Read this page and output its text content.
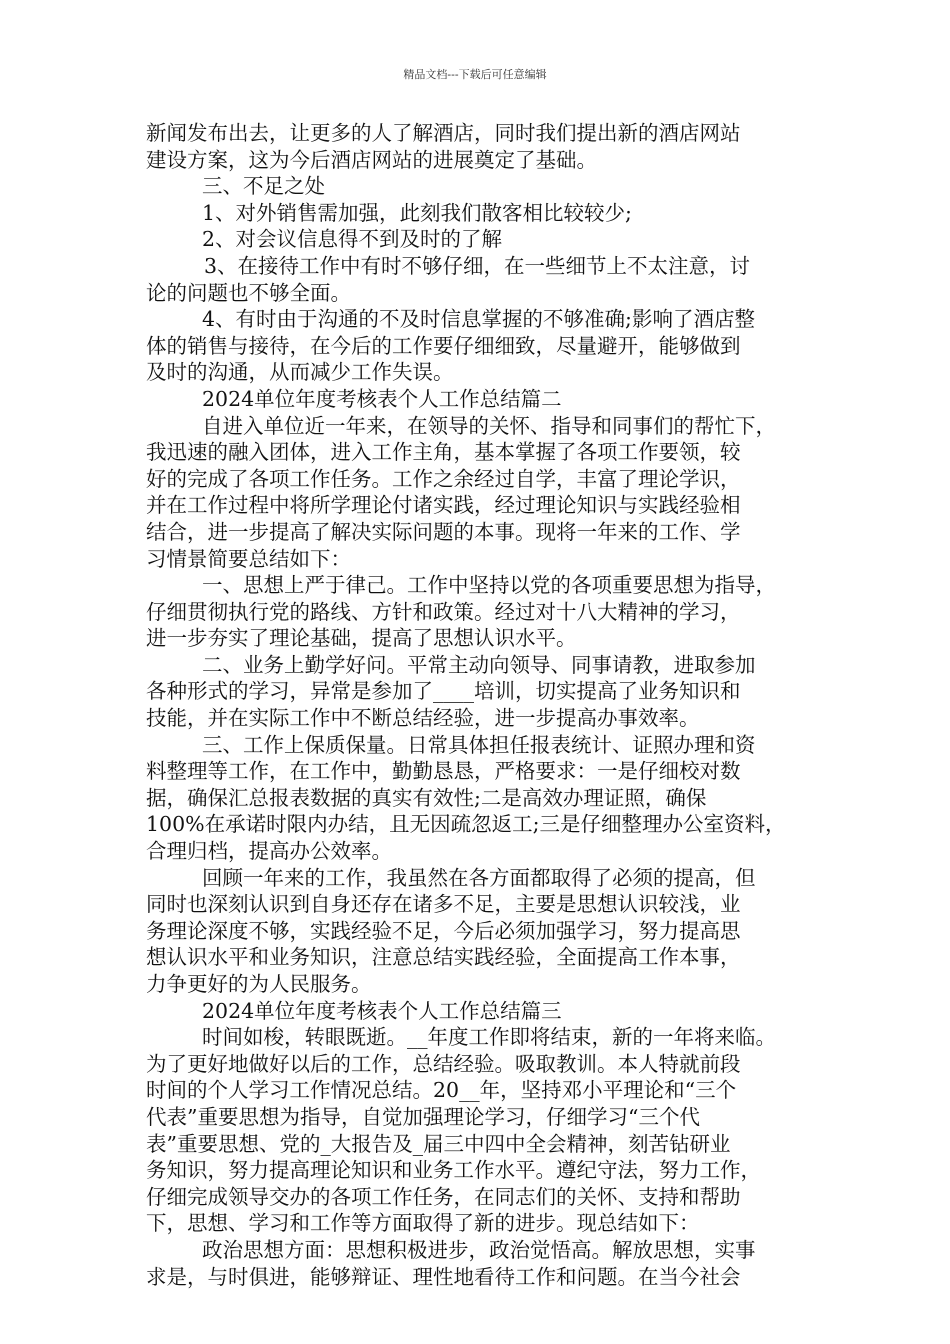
精品文档---下载后可任意编辑

新闻发布出去，让更多的人了解酒店，同时我们提出新的酒店网站

建设方案，这为今后酒店网站的进展奠定了基础。

三、不足之处

1、对外销售需加强，此刻我们散客相比较较少;

2、对会议信息得不到及时的了解

3、在接待工作中有时不够仔细，在一些细节上不太注意，讨

论的问题也不够全面。

4、有时由于沟通的不及时信息掌握的不够准确;影响了酒店整

体的销售与接待，在今后的工作要仔细细致，尽量避开，能够做到

及时的沟通，从而减少工作失误。

2024单位年度考核表个人工作总结篇二

自进入单位近一年来，在领导的关怀、指导和同事们的帮忙下，

我迅速的融入团体，进入工作主角，基本掌握了各项工作要领，较

好的完成了各项工作任务。工作之余经过自学，丰富了理论学识，

并在工作过程中将所学理论付诸实践，经过理论知识与实践经验相

结合，进一步提高了解决实际问题的本事。现将一年来的工作、学

习情景简要总结如下：

一、思想上严于律己。工作中坚持以党的各项重要思想为指导，

仔细贯彻执行党的路线、方针和政策。经过对十八大精神的学习，

进一步夯实了理论基础，提高了思想认识水平。

二、业务上勤学好问。平常主动向领导、同事请教，进取参加

各种形式的学习，异常是参加了____培训，切实提高了业务知识和

技能，并在实际工作中不断总结经验，进一步提高办事效率。

三、工作上保质保量。日常具体担任报表统计、证照办理和资

料整理等工作，在工作中，勤勤恳恳，严格要求：一是仔细校对数

据，确保汇总报表数据的真实有效性;二是高效办理证照，确保

100%在承诺时限内办结，且无因疏忽返工;三是仔细整理办公室资料，

合理归档，提高办公效率。

回顾一年来的工作，我虽然在各方面都取得了必须的提高，但

同时也深刻认识到自身还存在诸多不足，主要是思想认识较浅，业

务理论深度不够，实践经验不足，今后必须加强学习，努力提高思

想认识水平和业务知识，注意总结实践经验，全面提高工作本事，

力争更好的为人民服务。

2024单位年度考核表个人工作总结篇三

时间如梭，转眼既逝。__年度工作即将结束，新的一年将来临。

为了更好地做好以后的工作，总结经验。吸取教训。本人特就前段

时间的个人学习工作情况总结。20__年，坚持邓小平理论和“三个

代表”重要思想为指导，自觉加强理论学习，仔细学习“三个代

表”重要思想、党的_大报告及_届三中四中全会精神，刻苦钻研业

务知识，努力提高理论知识和业务工作水平。遵纪守法，努力工作，

仔细完成领导交办的各项工作任务，在同志们的关怀、支持和帮助

下，思想、学习和工作等方面取得了新的进步。现总结如下：

政治思想方面：思想积极进步，政治觉悟高。解放思想，实事

求是，与时俱进，能够辩证、理性地看待工作和问题。在当今社会
